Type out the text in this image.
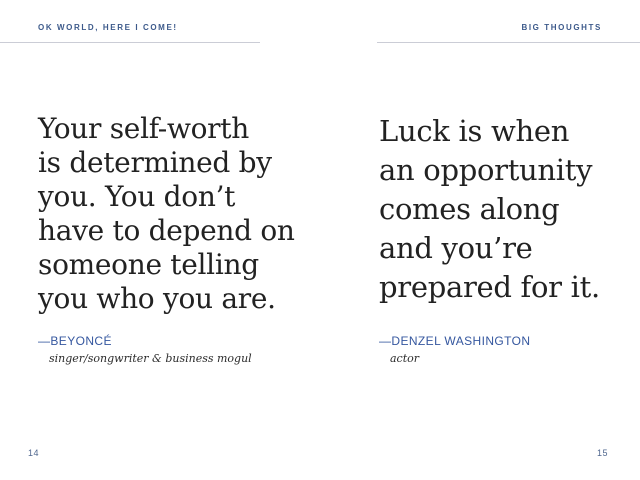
OK WORLD, HERE I COME!
Your self-worth
is determined by
you. You don’t
have to depend on
someone telling
you who you are.
—BEYONCÉ
singer/songwriter & business mogul
14
BIG THOUGHTS
Luck is when
an opportunity
comes along
and you’re
prepared for it.
—DENZEL WASHINGTON
actor
15
